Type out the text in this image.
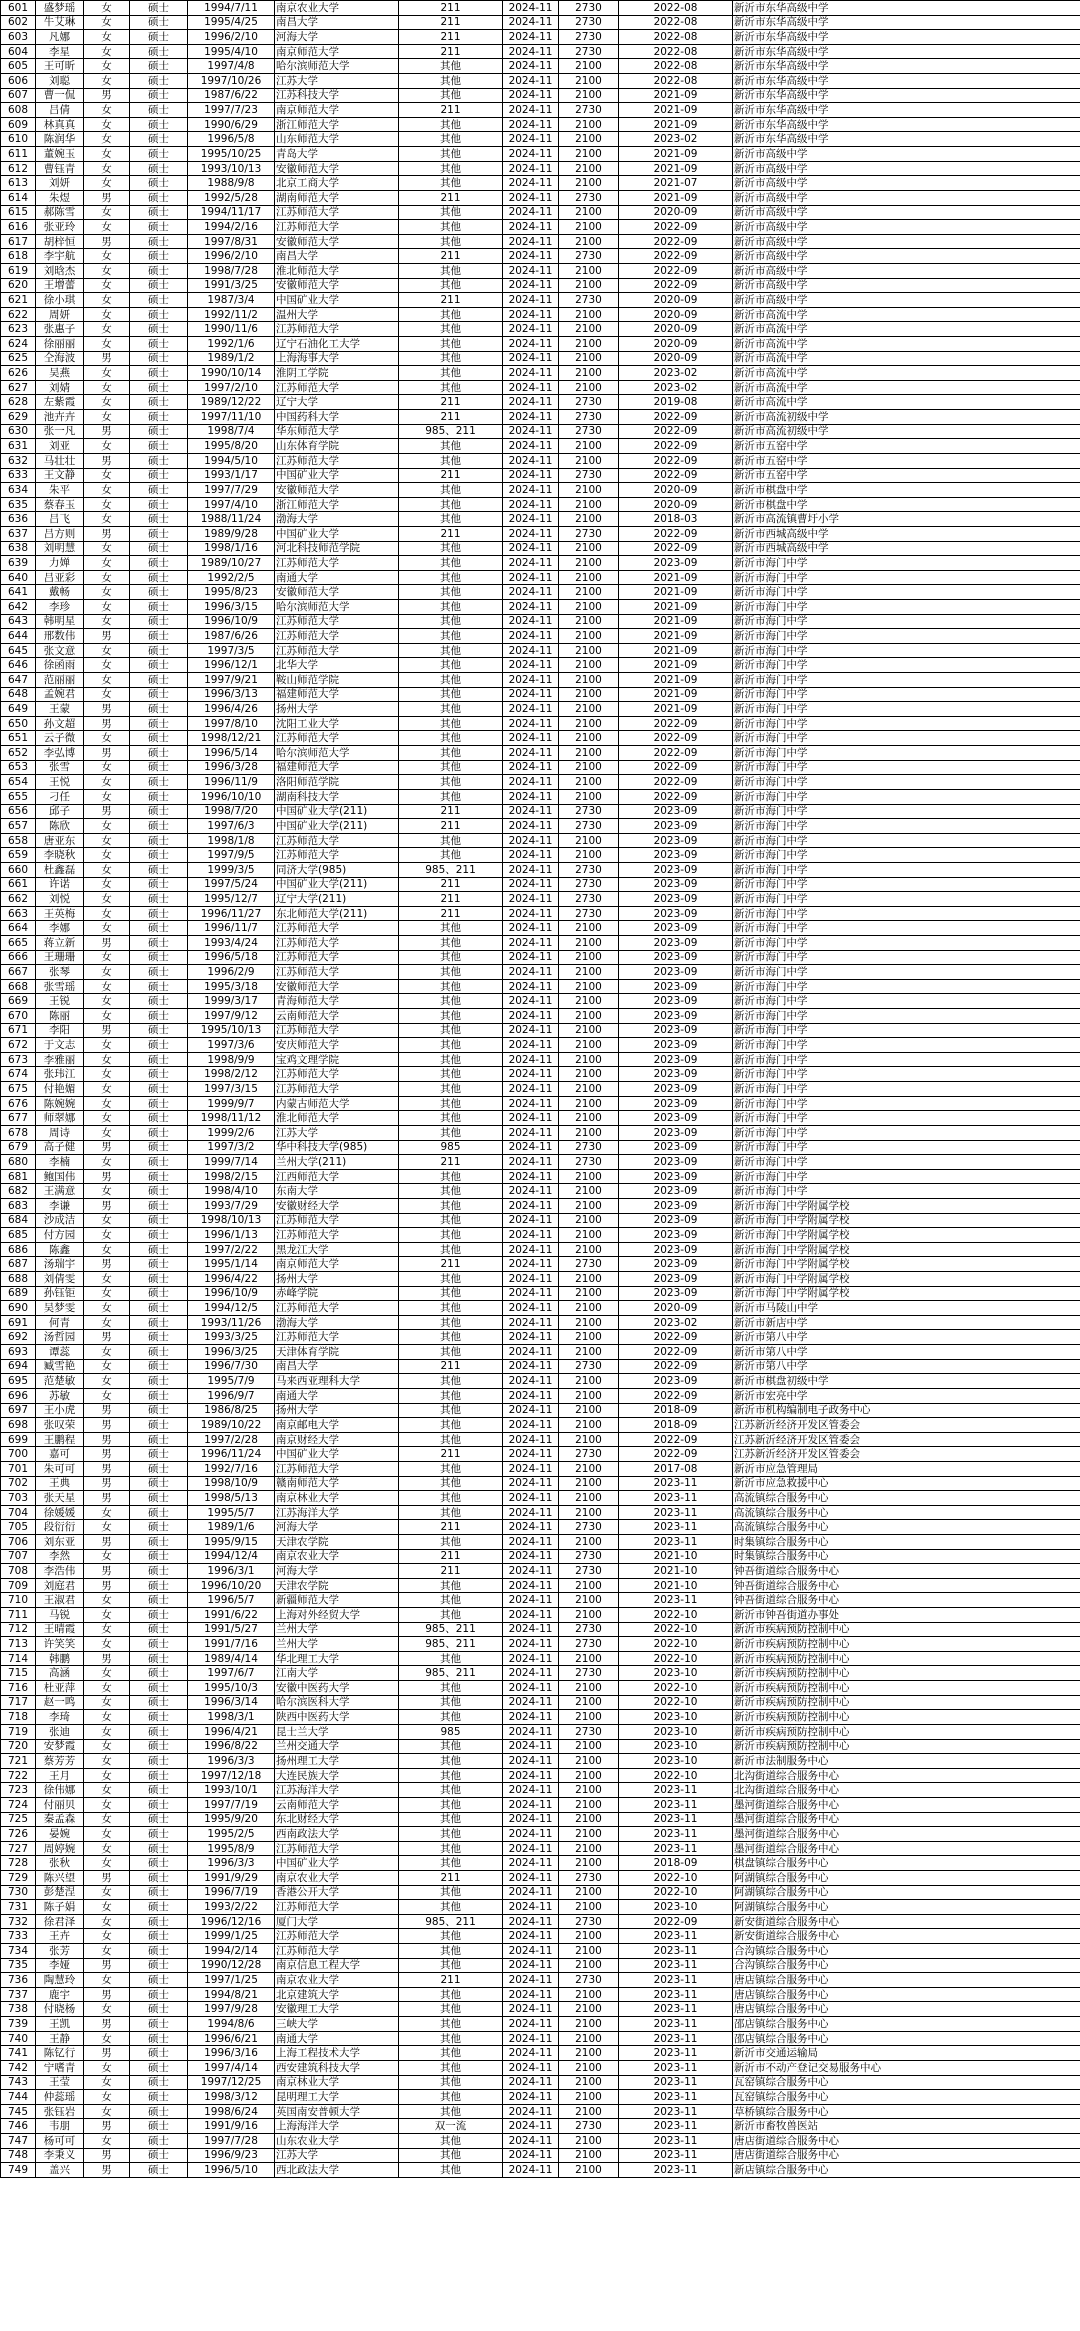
601	盛梦瑶	女	硕士	1994/7/11	南京农业大学	211	2024-11	2730	2022-08	新沂市东华高级中学
602	牛艾琳	女	硕士	1995/4/25	南昌大学	211	2024-11	2730	2022-08	新沂市东华高级中学
603	凡娜	女	硕士	1996/2/10	河海大学	211	2024-11	2730	2022-08	新沂市东华高级中学
604	李星	女	硕士	1995/4/10	南京师范大学	211	2024-11	2730	2022-08	新沂市东华高级中学
605	王可昕	女	硕士	1997/4/8	哈尔滨师范大学	其他	2024-11	2100	2022-08	新沂市东华高级中学
606	刘聪	女	硕士	1997/10/26	江苏大学	其他	2024-11	2100	2022-08	新沂市东华高级中学
607	曹一侃	男	硕士	1987/6/22	江苏科技大学	其他	2024-11	2100	2021-09	新沂市东华高级中学
608	吕倩	女	硕士	1997/7/23	南京师范大学	211	2024-11	2730	2021-09	新沂市东华高级中学
609	林真真	女	硕士	1990/6/29	浙江师范大学	其他	2024-11	2100	2021-09	新沂市东华高级中学
610	陈润华	女	硕士	1996/5/8	山东师范大学	其他	2024-11	2100	2023-02	新沂市东华高级中学
611	董婉玉	女	硕士	1995/10/25	青岛大学	其他	2024-11	2100	2021-09	新沂市高级中学
612	曹钰青	女	硕士	1993/10/13	安徽师范大学	其他	2024-11	2100	2021-09	新沂市高级中学
613	刘妍	女	硕士	1988/9/8	北京工商大学	其他	2024-11	2100	2021-07	新沂市高级中学
614	朱煜	男	硕士	1992/5/28	湖南师范大学	211	2024-11	2730	2021-09	新沂市高级中学
615	郝陈雪	女	硕士	1994/11/17	江苏师范大学	其他	2024-11	2100	2020-09	新沂市高级中学
616	张亚玲	女	硕士	1994/2/16	江苏师范大学	其他	2024-11	2100	2022-09	新沂市高级中学
617	胡梓恒	男	硕士	1997/8/31	安徽师范大学	其他	2024-11	2100	2022-09	新沂市高级中学
618	李宇航	女	硕士	1996/2/10	南昌大学	211	2024-11	2730	2022-09	新沂市高级中学
619	刘晗杰	女	硕士	1998/7/28	淮北师范大学	其他	2024-11	2100	2022-09	新沂市高级中学
620	王增蕾	女	硕士	1991/3/25	安徽师范大学	其他	2024-11	2100	2022-09	新沂市高级中学
621	徐小琪	女	硕士	1987/3/4	中国矿业大学	211	2024-11	2730	2020-09	新沂市高级中学
622	周妍	女	硕士	1992/11/2	温州大学	其他	2024-11	2100	2020-09	新沂市高流中学
623	张惠子	女	硕士	1990/11/6	江苏师范大学	其他	2024-11	2100	2020-09	新沂市高流中学
624	徐丽丽	女	硕士	1992/1/6	辽宁石油化工大学	其他	2024-11	2100	2020-09	新沂市高流中学
625	仝海波	男	硕士	1989/1/2	上海海事大学	其他	2024-11	2100	2020-09	新沂市高流中学
626	吴燕	女	硕士	1990/10/14	淮阴工学院	其他	2024-11	2100	2023-02	新沂市高流中学
627	刘婧	女	硕士	1997/2/10	江苏师范大学	其他	2024-11	2100	2023-02	新沂市高流中学
628	左紫霞	女	硕士	1989/12/22	辽宁大学	211	2024-11	2730	2019-08	新沂市高流中学
629	池卉卉	女	硕士	1997/11/10	中国药科大学	211	2024-11	2730	2022-09	新沂市高流初级中学
630	张一凡	男	硕士	1998/7/4	华东师范大学	985、211	2024-11	2730	2022-09	新沂市高流初级中学
631	刘亚	女	硕士	1995/8/20	山东体育学院	其他	2024-11	2100	2022-09	新沂市五窑中学
632	马壮壮	男	硕士	1994/5/10	江苏师范大学	其他	2024-11	2100	2022-09	新沂市五窑中学
633	王文静	女	硕士	1993/1/17	中国矿业大学	211	2024-11	2730	2022-09	新沂市五窑中学
634	朱平	女	硕士	1997/7/29	安徽师范大学	其他	2024-11	2100	2020-09	新沂市棋盘中学
635	蔡春玉	女	硕士	1997/4/10	浙江师范大学	其他	2024-11	2100	2020-09	新沂市棋盘中学
636	吕飞	女	硕士	1988/11/24	渤海大学	其他	2024-11	2100	2018-03	新沂市高流镇曹圩小学
637	吕方则	男	硕士	1989/9/28	中国矿业大学	211	2024-11	2730	2022-09	新沂市西城高级中学
638	刘明慧	女	硕士	1998/1/16	河北科技师范学院	其他	2024-11	2100	2022-09	新沂市西城高级中学
639	力婵	女	硕士	1989/10/27	江苏师范大学	其他	2024-11	2100	2023-09	新沂市海门中学
640	吕亚彩	女	硕士	1992/2/5	南通大学	其他	2024-11	2100	2021-09	新沂市海门中学
641	戴畅	女	硕士	1995/8/23	安徽师范大学	其他	2024-11	2100	2021-09	新沂市海门中学
642	李珍	女	硕士	1996/3/15	哈尔滨师范大学	其他	2024-11	2100	2021-09	新沂市海门中学
643	韩明星	女	硕士	1996/10/9	江苏师范大学	其他	2024-11	2100	2021-09	新沂市海门中学
644	邢数伟	男	硕士	1987/6/26	江苏师范大学	其他	2024-11	2100	2021-09	新沂市海门中学
645	张文意	女	硕士	1997/3/5	江苏师范大学	其他	2024-11	2100	2021-09	新沂市海门中学
646	徐函雨	女	硕士	1996/12/1	北华大学	其他	2024-11	2100	2021-09	新沂市海门中学
647	范丽丽	女	硕士	1997/9/21	鞍山师范学院	其他	2024-11	2100	2021-09	新沂市海门中学
648	孟婉君	女	硕士	1996/3/13	福建师范大学	其他	2024-11	2100	2021-09	新沂市海门中学
649	王蒙	男	硕士	1996/4/26	扬州大学	其他	2024-11	2100	2021-09	新沂市海门中学
650	孙文超	男	硕士	1997/8/10	沈阳工业大学	其他	2024-11	2100	2022-09	新沂市海门中学
651	云子微	女	硕士	1998/12/21	江苏师范大学	其他	2024-11	2100	2022-09	新沂市海门中学
652	李弘博	男	硕士	1996/5/14	哈尔滨师范大学	其他	2024-11	2100	2022-09	新沂市海门中学
653	张雪	女	硕士	1996/3/28	福建师范大学	其他	2024-11	2100	2022-09	新沂市海门中学
654	王悦	女	硕士	1996/11/9	洛阳师范学院	其他	2024-11	2100	2022-09	新沂市海门中学
655	刁任	女	硕士	1996/10/10	湖南科技大学	其他	2024-11	2100	2022-09	新沂市海门中学
656	邱子	男	硕士	1998/7/20	中国矿业大学(211)	211	2024-11	2730	2023-09	新沂市海门中学
657	陈欣	女	硕士	1997/6/3	中国矿业大学(211)	211	2024-11	2730	2023-09	新沂市海门中学
658	唐亚东	女	硕士	1998/1/8	江苏师范大学	其他	2024-11	2100	2023-09	新沂市海门中学
659	李晓秋	女	硕士	1997/9/5	江苏师范大学	其他	2024-11	2100	2023-09	新沂市海门中学
660	杜鑫磊	女	硕士	1999/3/5	同济大学(985)	985、211	2024-11	2730	2023-09	新沂市海门中学
661	许诺	女	硕士	1997/5/24	中国矿业大学(211)	211	2024-11	2730	2023-09	新沂市海门中学
662	刘悦	女	硕士	1995/12/7	辽宁大学(211)	211	2024-11	2730	2023-09	新沂市海门中学
663	王英梅	女	硕士	1996/11/27	东北师范大学(211)	211	2024-11	2730	2023-09	新沂市海门中学
664	李娜	女	硕士	1996/11/7	江苏师范大学	其他	2024-11	2100	2023-09	新沂市海门中学
665	蒋立新	男	硕士	1993/4/24	江苏师范大学	其他	2024-11	2100	2023-09	新沂市海门中学
666	王珊珊	女	硕士	1996/5/18	江苏师范大学	其他	2024-11	2100	2023-09	新沂市海门中学
667	张琴	女	硕士	1996/2/9	江苏师范大学	其他	2024-11	2100	2023-09	新沂市海门中学
668	张雪瑶	女	硕士	1995/3/18	安徽师范大学	其他	2024-11	2100	2023-09	新沂市海门中学
669	王锐	女	硕士	1999/3/17	青海师范大学	其他	2024-11	2100	2023-09	新沂市海门中学
670	陈丽	女	硕士	1997/9/12	云南师范大学	其他	2024-11	2100	2023-09	新沂市海门中学
671	李阳	男	硕士	1995/10/13	江苏师范大学	其他	2024-11	2100	2023-09	新沂市海门中学
672	于文志	女	硕士	1997/3/6	安庆师范大学	其他	2024-11	2100	2023-09	新沂市海门中学
673	李雅丽	女	硕士	1998/9/9	宝鸡文理学院	其他	2024-11	2100	2023-09	新沂市海门中学
674	张玮江	女	硕士	1998/2/12	江苏师范大学	其他	2024-11	2100	2023-09	新沂市海门中学
675	付艳媚	女	硕士	1997/3/15	江苏师范大学	其他	2024-11	2100	2023-09	新沂市海门中学
676	陈婉婉	女	硕士	1999/9/7	内蒙古师范大学	其他	2024-11	2100	2023-09	新沂市海门中学
677	师翠娜	女	硕士	1998/11/12	淮北师范大学	其他	2024-11	2100	2023-09	新沂市海门中学
678	周诗	女	硕士	1999/2/6	江苏大学	其他	2024-11	2100	2023-09	新沂市海门中学
679	高子健	男	硕士	1997/3/2	华中科技大学(985)	985	2024-11	2730	2023-09	新沂市海门中学
680	李楠	女	硕士	1999/7/14	兰州大学(211)	211	2024-11	2730	2023-09	新沂市海门中学
681	鲍国伟	男	硕士	1998/2/15	江西师范大学	其他	2024-11	2100	2023-09	新沂市海门中学
682	王满意	女	硕士	1998/4/10	东南大学	其他	2024-11	2100	2023-09	新沂市海门中学
683	李谦	男	硕士	1993/7/29	安徽财经大学	其他	2024-11	2100	2023-09	新沂市海门中学附属学校
684	沙成洁	女	硕士	1998/10/13	江苏师范大学	其他	2024-11	2100	2023-09	新沂市海门中学附属学校
685	付方园	女	硕士	1996/1/13	江苏师范大学	其他	2024-11	2100	2023-09	新沂市海门中学附属学校
686	陈鑫	女	硕士	1997/2/22	黑龙江大学	其他	2024-11	2100	2023-09	新沂市海门中学附属学校
687	汤瑞宇	男	硕士	1995/1/14	南京师范大学	211	2024-11	2730	2023-09	新沂市海门中学附属学校
688	刘倩雯	女	硕士	1996/4/22	扬州大学	其他	2024-11	2100	2023-09	新沂市海门中学附属学校
689	孙钰钜	女	硕士	1996/10/9	赤峰学院	其他	2024-11	2100	2023-09	新沂市海门中学附属学校
690	吴梦雯	女	硕士	1994/12/5	江苏师范大学	其他	2024-11	2100	2020-09	新沂市马陵山中学
691	何青	女	硕士	1993/11/26	渤海大学	其他	2024-11	2100	2023-02	新沂市新店中学
692	汤哲园	男	硕士	1993/3/25	江苏师范大学	其他	2024-11	2100	2022-09	新沂市第八中学
693	谭蕊	女	硕士	1996/3/25	天津体育学院	其他	2024-11	2100	2022-09	新沂市第八中学
694	臧雪艳	女	硕士	1996/7/30	南昌大学	211	2024-11	2730	2022-09	新沂市第八中学
695	范楚敏	女	硕士	1995/7/9	马来西亚理科大学	其他	2024-11	2100	2023-09	新沂市棋盘初级中学
696	苏敏	女	硕士	1996/9/7	南通大学	其他	2024-11	2100	2022-09	新沂市宏亮中学
697	王小虎	男	硕士	1986/8/25	扬州大学	其他	2024-11	2100	2018-09	新沂市机构编制电子政务中心
698	张叹荣	男	硕士	1989/10/22	南京邮电大学	其他	2024-11	2100	2018-09	江苏新沂经济开发区管委会
699	王鹏程	男	硕士	1997/2/28	南京财经大学	其他	2024-11	2100	2022-09	江苏新沂经济开发区管委会
700	嘉可	男	硕士	1996/11/24	中国矿业大学	211	2024-11	2730	2022-09	江苏新沂经济开发区管委会
701	朱可可	男	硕士	1992/7/16	江苏师范大学	其他	2024-11	2100	2017-08	新沂市应急管理局
702	王典	男	硕士	1998/10/9	赣南师范大学	其他	2024-11	2100	2023-11	新沂市应急救援中心
703	张天星	男	硕士	1998/5/13	南京林业大学	其他	2024-11	2100	2023-11	高流镇综合服务中心
704	徐媛媛	女	硕士	1995/5/7	江苏海洋大学	其他	2024-11	2100	2023-11	高流镇综合服务中心
705	段衍衍	女	硕士	1989/1/6	河海大学	211	2024-11	2730	2023-11	高流镇综合服务中心
706	刘东亚	男	硕士	1995/9/15	天津农学院	其他	2024-11	2100	2023-11	时集镇综合服务中心
707	李然	女	硕士	1994/12/4	南京农业大学	211	2024-11	2730	2021-10	时集镇综合服务中心
708	李浩伟	男	硕士	1996/3/1	河海大学	211	2024-11	2730	2021-10	钟吾街道综合服务中心
709	刘庭君	男	硕士	1996/10/20	天津农学院	其他	2024-11	2100	2021-10	钟吾街道综合服务中心
710	王淑君	女	硕士	1996/5/7	新疆师范大学	其他	2024-11	2100	2023-11	钟吾街道综合服务中心
711	马锐	女	硕士	1991/6/22	上海对外经贸大学	其他	2024-11	2100	2022-10	新沂市钟吾街道办事处
712	王晴霞	女	硕士	1991/5/27	兰州大学	985、211	2024-11	2730	2022-10	新沂市疾病预防控制中心
713	许笑笑	女	硕士	1991/7/16	兰州大学	985、211	2024-11	2730	2022-10	新沂市疾病预防控制中心
714	韩鹏	男	硕士	1989/4/14	华北理工大学	其他	2024-11	2100	2022-10	新沂市疾病预防控制中心
715	高涵	女	硕士	1997/6/7	江南大学	985、211	2024-11	2730	2023-10	新沂市疾病预防控制中心
716	杜亚萍	女	硕士	1995/10/3	安徽中医药大学	其他	2024-11	2100	2022-10	新沂市疾病预防控制中心
717	赵一鸣	女	硕士	1996/3/14	哈尔滨医科大学	其他	2024-11	2100	2022-10	新沂市疾病预防控制中心
718	李琦	女	硕士	1998/3/1	陕西中医药大学	其他	2024-11	2100	2023-10	新沂市疾病预防控制中心
719	张迪	女	硕士	1996/4/21	昆士兰大学	985	2024-11	2730	2023-10	新沂市疾病预防控制中心
720	安梦霞	女	硕士	1996/8/22	兰州交通大学	其他	2024-11	2100	2023-10	新沂市疾病预防控制中心
721	蔡芳芳	女	硕士	1996/3/3	扬州理工大学	其他	2024-11	2100	2023-10	新沂市法制服务中心
722	王月	女	硕士	1997/12/18	大连民族大学	其他	2024-11	2100	2022-10	北沟街道综合服务中心
723	徐伟娜	女	硕士	1993/10/1	江苏海洋大学	其他	2024-11	2100	2023-11	北沟街道综合服务中心
724	付丽贝	女	硕士	1997/7/19	云南师范大学	其他	2024-11	2100	2023-11	墨河街道综合服务中心
725	秦孟森	女	硕士	1995/9/20	东北财经大学	其他	2024-11	2100	2023-11	墨河街道综合服务中心
726	晏婉	女	硕士	1995/2/5	西南政法大学	其他	2024-11	2100	2023-11	墨河街道综合服务中心
727	周婷婉	女	硕士	1995/8/9	江苏师范大学	其他	2024-11	2100	2023-11	墨河街道综合服务中心
728	张秋	女	硕士	1996/3/3	中国矿业大学	其他	2024-11	2100	2018-09	棋盘镇综合服务中心
729	陈兴望	男	硕士	1991/9/29	南京农业大学	211	2024-11	2730	2022-10	阿湖镇综合服务中心
730	彭楚涅	女	硕士	1996/7/19	香港公开大学	其他	2024-11	2100	2022-10	阿湖镇综合服务中心
731	陈子娟	女	硕士	1993/2/22	江苏师范大学	其他	2024-11	2100	2023-10	阿湖镇综合服务中心
732	徐君泽	女	硕士	1996/12/16	厦门大学	985、211	2024-11	2730	2022-09	新安街道综合服务中心
733	王卉	女	硕士	1999/1/25	江苏师范大学	其他	2024-11	2100	2023-11	新安街道综合服务中心
734	张芳	女	硕士	1994/2/14	江苏师范大学	其他	2024-11	2100	2023-11	合沟镇综合服务中心
735	李娅	男	硕士	1990/12/28	南京信息工程大学	其他	2024-11	2100	2023-11	合沟镇综合服务中心
736	陶慧玲	女	硕士	1997/1/25	南京农业大学	211	2024-11	2730	2023-11	唐店镇综合服务中心
737	鹿宇	男	硕士	1994/8/21	北京建筑大学	其他	2024-11	2100	2023-11	唐店镇综合服务中心
738	付晓杨	女	硕士	1997/9/28	安徽理工大学	其他	2024-11	2100	2023-11	唐店镇综合服务中心
739	王凯	男	硕士	1994/8/6	三峡大学	其他	2024-11	2100	2023-11	邵店镇综合服务中心
740	王静	女	硕士	1996/6/21	南通大学	其他	2024-11	2100	2023-11	邵店镇综合服务中心
741	陈钇行	男	硕士	1996/3/16	上海工程技术大学	其他	2024-11	2100	2023-11	新沂市交通运输局
742	宁嗜青	女	硕士	1997/4/14	西安建筑科技大学	其他	2024-11	2100	2023-11	新沂市不动产登记交易服务中心
743	王莹	女	硕士	1997/12/25	南京林业大学	其他	2024-11	2100	2023-11	瓦窑镇综合服务中心
744	仲蕊瑶	女	硕士	1998/3/12	昆明理工大学	其他	2024-11	2100	2023-11	瓦窑镇综合服务中心
745	张钰岩	女	硕士	1998/6/24	英国南安普顿大学	其他	2024-11	2100	2023-11	草桥镇综合服务中心
746	韦朋	男	硕士	1991/9/16	上海海洋大学	双一流	2024-11	2730	2023-11	新沂市畜牧兽医站
747	杨可可	女	硕士	1997/7/28	山东农业大学	其他	2024-11	2100	2023-11	唐店街道综合服务中心
748	李秉义	男	硕士	1996/9/23	江苏大学	其他	2024-11	2100	2023-11	唐店街道综合服务中心
749	盖兴	男	硕士	1996/5/10	西北政法大学	其他	2024-11	2100	2023-11	新店镇综合服务中心
